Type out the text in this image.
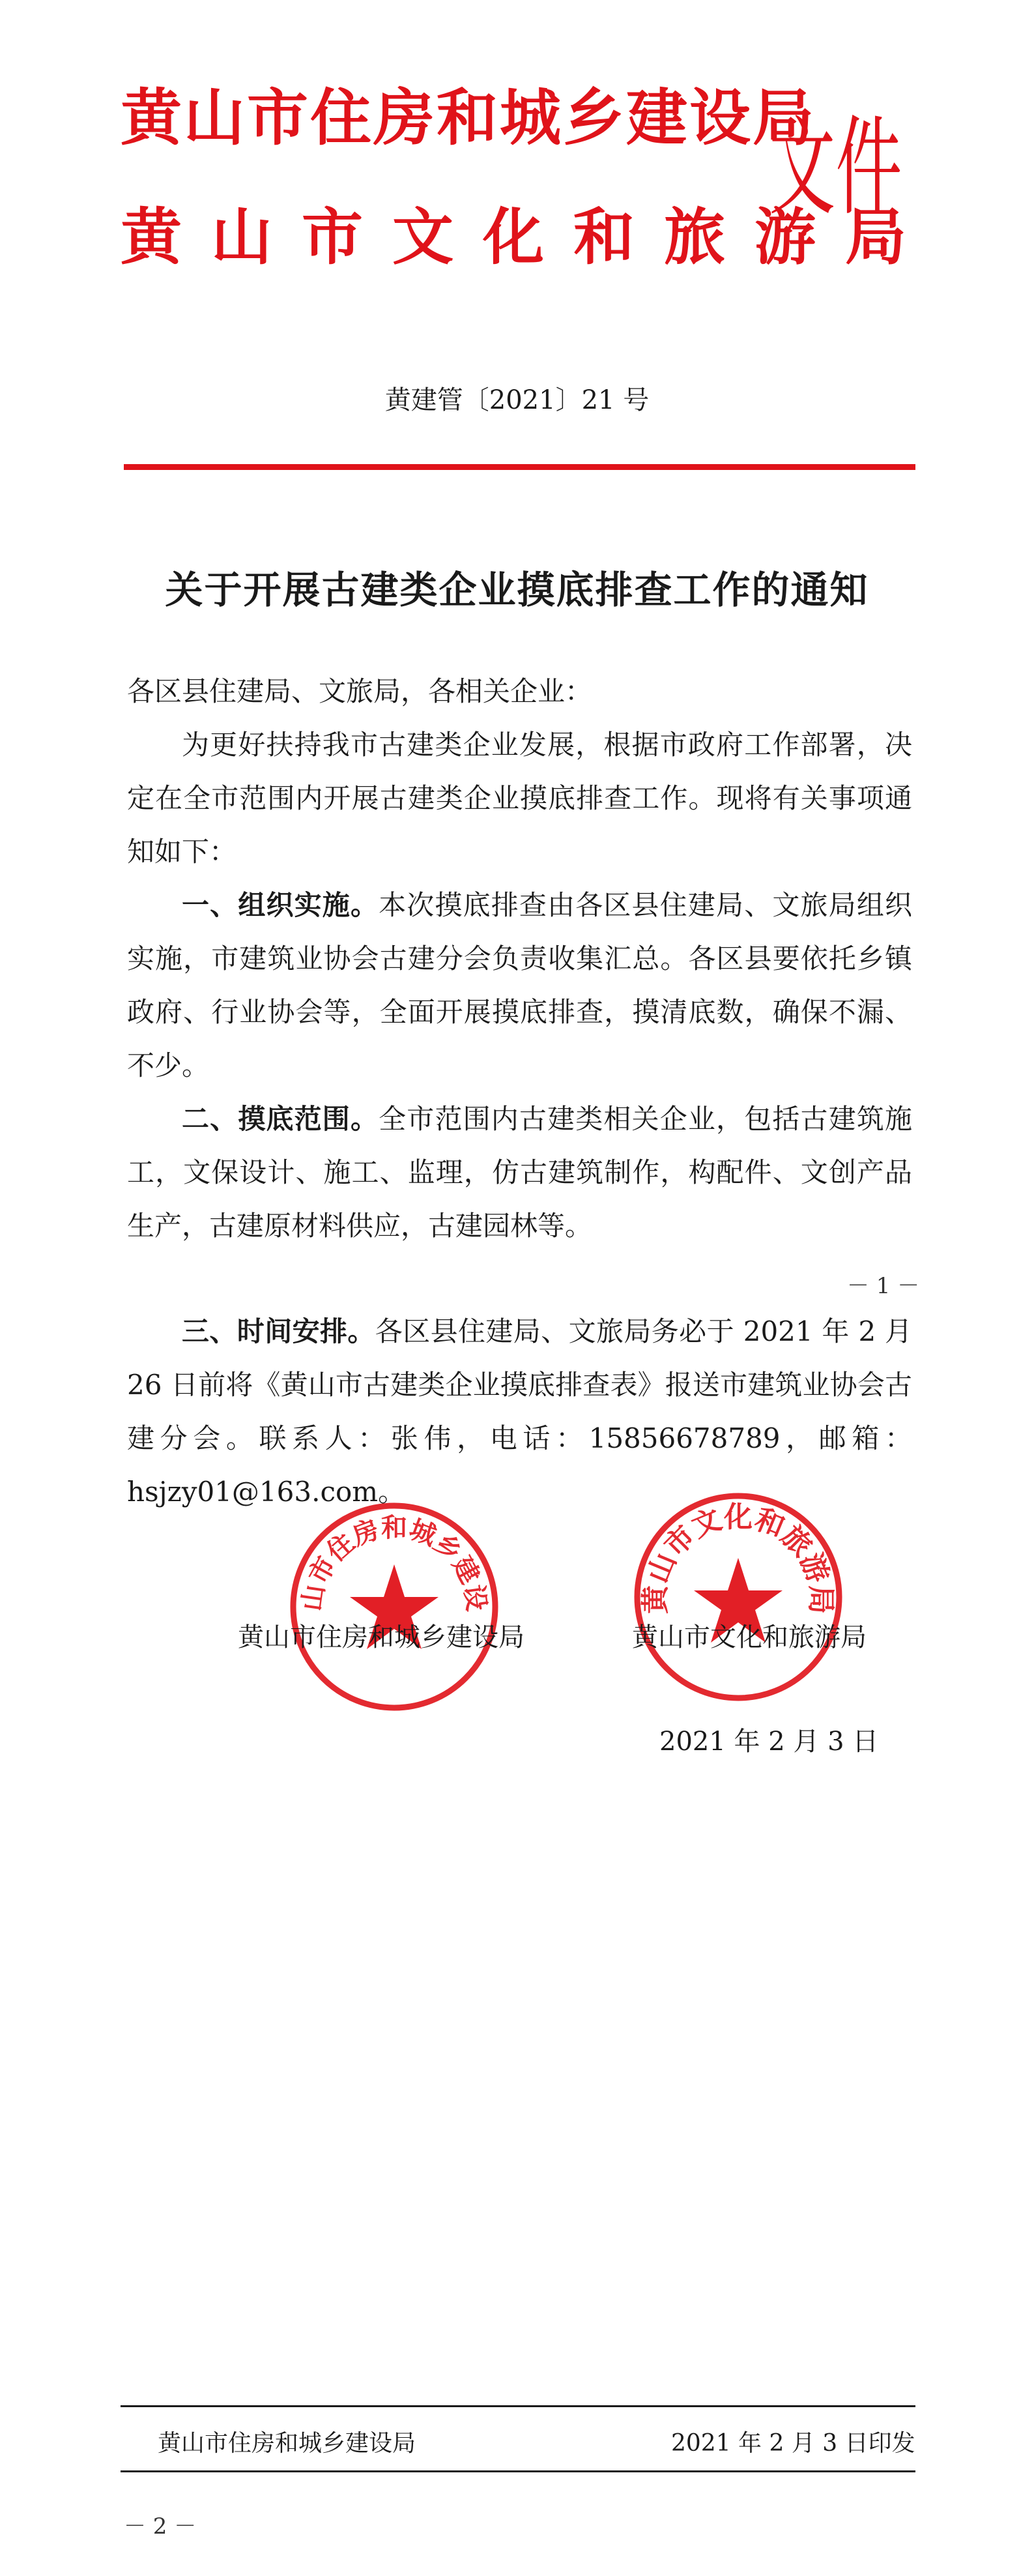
黄山市住房和城乡建设局
黄山市文化和旅游局
文件
黄建管〔2021〕21 号
关于开展古建类企业摸底排查工作的通知
各区县住建局、文旅局，各相关企业：
为更好扶持我市古建类企业发展，根据市政府工作部署，决定在全市范围内开展古建类企业摸底排查工作。现将有关事项通知如下：
一、组织实施。本次摸底排查由各区县住建局、文旅局组织实施，市建筑业协会古建分会负责收集汇总。各区县要依托乡镇政府、行业协会等，全面开展摸底排查，摸清底数，确保不漏、不少。
二、摸底范围。全市范围内古建类相关企业，包括古建筑施工，文保设计、施工、监理，仿古建筑制作，构配件、文创产品生产，古建原材料供应，古建园林等。
－ 1 －
三、时间安排。各区县住建局、文旅局务必于 2021 年 2 月 26 日前将《黄山市古建类企业摸底排查表》报送市建筑业协会古建分会。联系人：张伟，电话：15856678789，邮箱：hsjzy01@163.com。
山市住房和城乡建设	黄山市文化和旅游局
黄山市住房和城乡建设局	黄山市文化和旅游局
2021 年 2 月 3 日
黄山市住房和城乡建设局	2021 年 2 月 3 日印发
－ 2 －
